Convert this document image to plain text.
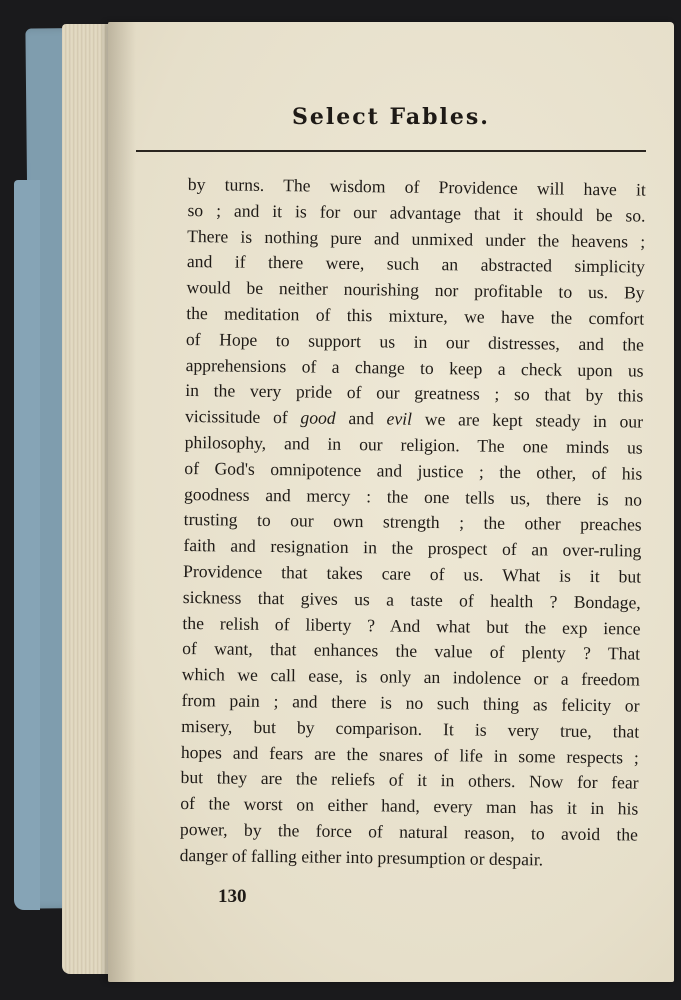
Select Fables.
by turns. The wisdom of Providence will have it
so ; and it is for our advantage that it should be so.
There is nothing pure and unmixed under the heavens ;
and if there were, such an abstracted simplicity
would be neither nourishing nor profitable to us. By
the meditation of this mixture, we have the comfort
of Hope to support us in our distresses, and the
apprehensions of a change to keep a check upon us
in the very pride of our greatness ; so that by this
vicissitude of good and evil we are kept steady in our
philosophy, and in our religion. The one minds us
of God's omnipotence and justice ; the other, of his
goodness and mercy : the one tells us, there is no
trusting to our own strength ; the other preaches
faith and resignation in the prospect of an over-ruling
Providence that takes care of us. What is it but
sickness that gives us a taste of health ? Bondage,
the relish of liberty ? And what but the exp ience
of want, that enhances the value of plenty ? That
which we call ease, is only an indolence or a freedom
from pain ; and there is no such thing as felicity or
misery, but by comparison. It is very true, that
hopes and fears are the snares of life in some respects ;
but they are the reliefs of it in others. Now for fear
of the worst on either hand, every man has it in his
power, by the force of natural reason, to avoid the
danger of falling either into presumption or despair.
130
